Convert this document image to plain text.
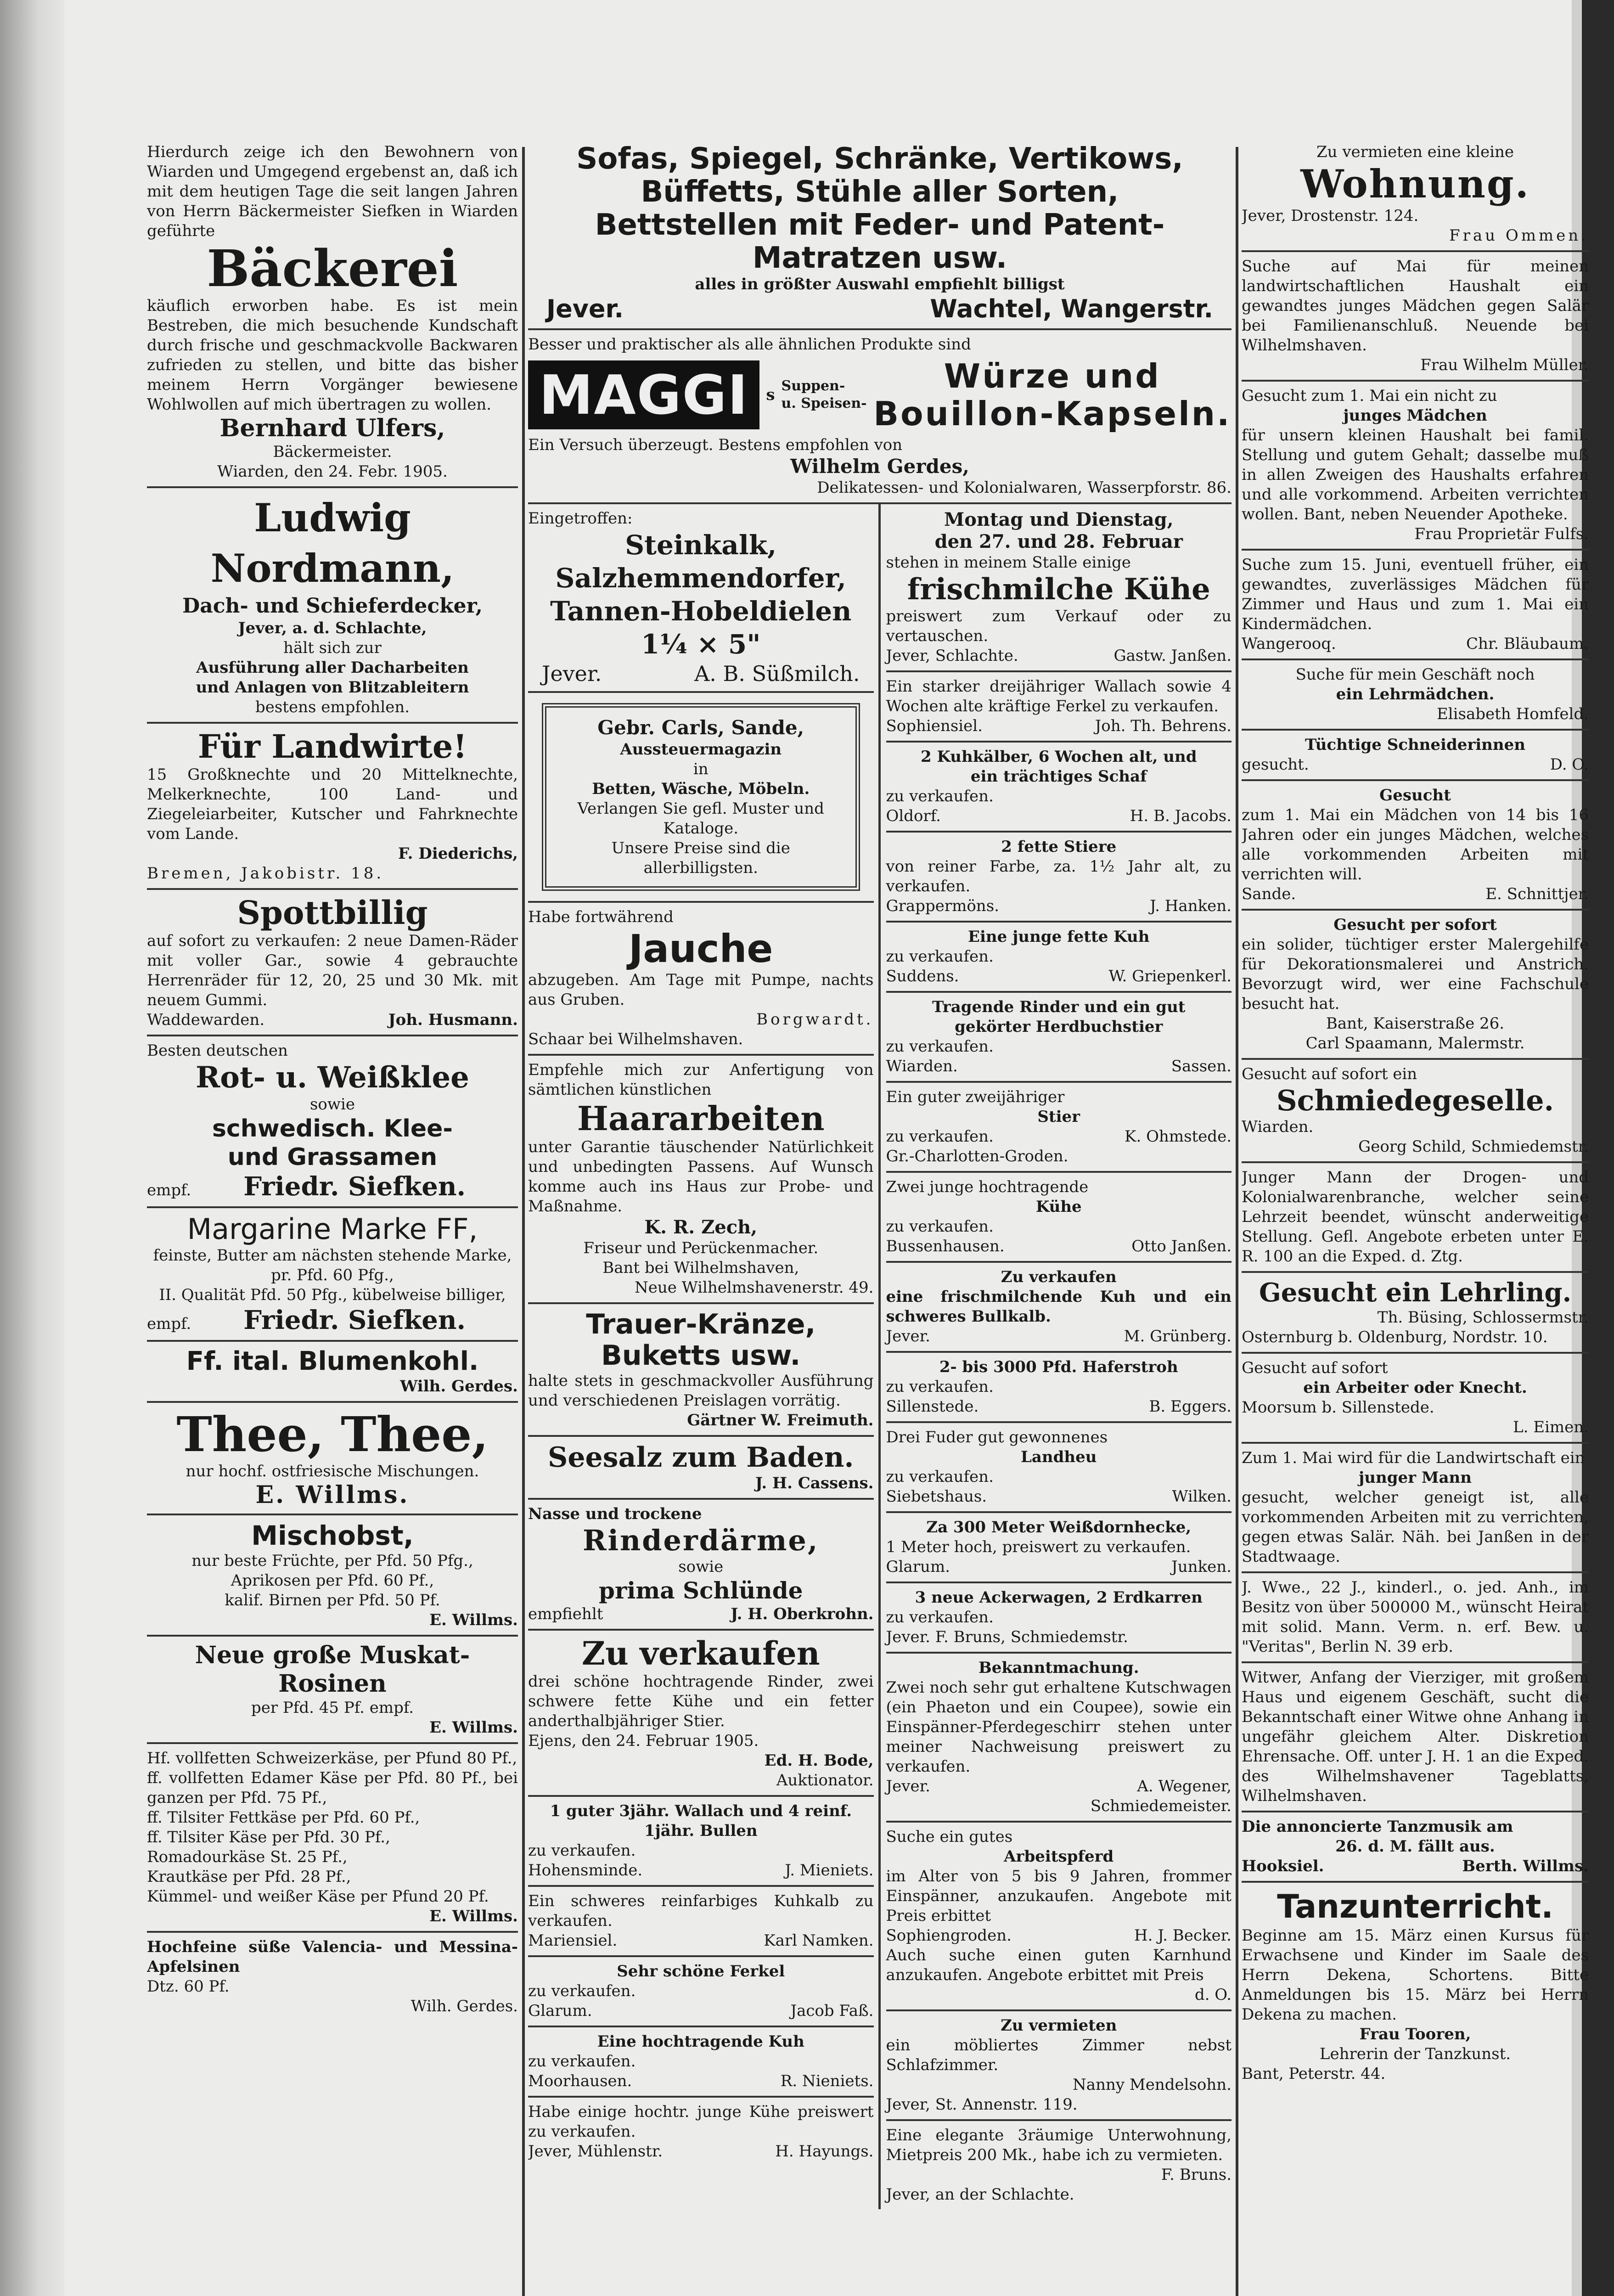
Hierdurch zeige ich den Bewohnern von Wiarden und Umgegend ergebenst an, daß ich mit dem heutigen Tage die seit langen Jahren von Herrn Bäckermeister Siefken in Wiarden geführte

Bäckerei

käuflich erworben habe. Es ist mein Bestreben, die mich besuchende Kundschaft durch frische und geschmackvolle Backwaren zufrieden zu stellen, und bitte das bisher meinem Herrn Vorgänger bewiesene Wohlwollen auf mich übertragen zu wollen.

Bernhard Ulfers,
Bäckermeister.
Wiarden, den 24. Febr. 1905.
Ludwig Nordmann,
Dach- und Schieferdecker,
Jever, a. d. Schlachte,
hält sich zur
Ausführung aller Dacharbeiten
und Anlagen von Blitzableitern
bestens empfohlen.
Für Landwirte!

15 Großknechte und 20 Mittelknechte, Melkerknechte, 100 Land- und Ziegeleiarbeiter, Kutscher und Fahrknechte vom Lande.

F. Diederichs,
Bremen, Jakobistr. 18.
Spottbillig

auf sofort zu verkaufen: 2 neue Damen-Räder mit voller Gar., sowie 4 gebrauchte Herrenräder für 12, 20, 25 und 30 Mk. mit neuem Gummi.

Waddewarden.	Joh. Husmann.
Besten deutschen
Rot- u. Weißklee
sowie
schwedisch. Klee-
und Grassamen
empf. Friedr. Siefken.
Margarine Marke FF,
feinste, Butter am nächsten stehende Marke, pr. Pfd. 60 Pfg.,
II. Qualität Pfd. 50 Pfg., kübelweise billiger,
empf. Friedr. Siefken.
Ff. ital. Blumenkohl.
Wilh. Gerdes.
Thee, Thee,
nur hochf. ostfriesische Mischungen.
E. Willms.
Mischobst,
nur beste Früchte, per Pfd. 50 Pfg.,
Aprikosen per Pfd. 60 Pf.,
kalif. Birnen per Pfd. 50 Pf.
E. Willms.
Neue große Muskat-Rosinen
per Pfd. 45 Pf. empf.
E. Willms.

Hf. vollfetten Schweizerkäse, per Pfund 80 Pf.,

ff. vollfetten Edamer Käse per Pfd. 80 Pf., bei ganzen per Pfd. 75 Pf.,

ff. Tilsiter Fettkäse per Pfd. 60 Pf.,

ff. Tilsiter Käse per Pfd. 30 Pf.,

Romadourkäse St. 25 Pf.,

Krautkäse per Pfd. 28 Pf.,

Kümmel- und weißer Käse per Pfund 20 Pf.

E. Willms.
Hochfeine süße Valencia- und Messina-Apfelsinen
Dtz. 60 Pf.
Wilh. Gerdes.
Sofas, Spiegel, Schränke, Vertikows,
Büffetts, Stühle aller Sorten,
Bettstellen mit Feder- und Patent-
Matratzen usw.
alles in größter Auswahl empfiehlt billigst
Jever.	Wachtel, Wangerstr.
Besser und praktischer als alle ähnlichen Produkte sind
MAGGI	s Suppen-
u. Speisen-
Würze und
Bouillon-Kapseln.
Ein Versuch überzeugt. Bestens empfohlen von
Wilhelm Gerdes,
Delikatessen- und Kolonialwaren, Wasserpforstr. 86.
Eingetroffen:
Steinkalk, Salzhemmendorfer,
Tannen-Hobeldielen 1¼ × 5"
Jever.	A. B. Süßmilch.
Gebr. Carls, Sande,
Aussteuermagazin
in
Betten, Wäsche, Möbeln.
Verlangen Sie gefl. Muster und Kataloge.
Unsere Preise sind die allerbilligsten.
Habe fortwährend
Jauche

abzugeben. Am Tage mit Pumpe, nachts aus Gruben.

Borgwardt.
Schaar bei Wilhelmshaven.
Empfehle mich zur Anfertigung von sämtlichen künstlichen
Haararbeiten

unter Garantie täuschender Natürlichkeit und unbedingten Passens. Auf Wunsch komme auch ins Haus zur Probe- und Maßnahme.

K. R. Zech,
Friseur und Perückenmacher.
Bant bei Wilhelmshaven,
Neue Wilhelmshavenerstr. 49.
Trauer-Kränze,
Buketts usw.

halte stets in geschmackvoller Ausführung und verschiedenen Preislagen vorrätig.

Gärtner W. Freimuth.
Seesalz zum Baden.
J. H. Cassens.
Nasse und trockene
Rinderdärme,
sowie
prima Schlünde
empfiehlt	J. H. Oberkrohn.
Zu verkaufen

drei schöne hochtragende Rinder, zwei schwere fette Kühe und ein fetter anderthalbjähriger Stier.

Ejens, den 24. Februar 1905.
Ed. H. Bode,
Auktionator.
1 guter 3jähr. Wallach und 4 reinf. 1jähr. Bullen
zu verkaufen.
Hohensminde.	J. Mieniets.

Ein schweres reinfarbiges Kuhkalb zu verkaufen.

Mariensiel.	Karl Namken.
Sehr schöne Ferkel
zu verkaufen.
Glarum.	Jacob Faß.
Eine hochtragende Kuh
zu verkaufen.
Moorhausen.	R. Nieniets.

Habe einige hochtr. junge Kühe preiswert zu verkaufen.

Jever, Mühlenstr.	H. Hayungs.
Montag und Dienstag,
den 27. und 28. Februar
stehen in meinem Stalle einige
frischmilche Kühe

preiswert zum Verkauf oder zu vertauschen.

Jever, Schlachte.	Gastw. Janßen.

Ein starker dreijähriger Wallach sowie 4 Wochen alte kräftige Ferkel zu verkaufen.

Sophiensiel.	Joh. Th. Behrens.
2 Kuhkälber, 6 Wochen alt, und
ein trächtiges Schaf
zu verkaufen.
Oldorf.	H. B. Jacobs.
2 fette Stiere

von reiner Farbe, za. 1½ Jahr alt, zu verkaufen.

Grappermöns.	J. Hanken.
Eine junge fette Kuh
zu verkaufen.
Suddens.	W. Griepenkerl.
Tragende Rinder und ein gut
gekörter Herdbuchstier
zu verkaufen.
Wiarden.	Sassen.
Ein guter zweijähriger
Stier
zu verkaufen.	K. Ohmstede.
Gr.-Charlotten-Groden.
Zwei junge hochtragende
Kühe
zu verkaufen.
Bussenhausen.	Otto Janßen.
Zu verkaufen

eine frischmilchende Kuh und ein schweres Bullkalb.

Jever.	M. Grünberg.
2- bis 3000 Pfd. Haferstroh
zu verkaufen.
Sillenstede.	B. Eggers.
Drei Fuder gut gewonnenes
Landheu
zu verkaufen.
Siebetshaus.	Wilken.
Za 300 Meter Weißdornhecke,

1 Meter hoch, preiswert zu verkaufen.

Glarum.	Junken.
3 neue Ackerwagen, 2 Erdkarren
zu verkaufen.
Jever. F. Bruns, Schmiedemstr.
Bekanntmachung.

Zwei noch sehr gut erhaltene Kutschwagen (ein Phaeton und ein Coupee), sowie ein Einspänner-Pferdegeschirr stehen unter meiner Nachweisung preiswert zu verkaufen.

Jever.	A. Wegener,
Schmiedemeister.
Suche ein gutes
Arbeitspferd

im Alter von 5 bis 9 Jahren, frommer Einspänner, anzukaufen. Angebote mit Preis erbittet

Sophiengroden.	H. J. Becker.

Auch suche einen guten Karnhund anzukaufen. Angebote erbittet mit Preis

d. O.
Zu vermieten

ein möbliertes Zimmer nebst Schlafzimmer.

Nanny Mendelsohn.
Jever, St. Annenstr. 119.

Eine elegante 3räumige Unterwohnung, Mietpreis 200 Mk., habe ich zu vermieten.

F. Bruns.
Jever, an der Schlachte.
Zu vermieten eine kleine
Wohnung.
Jever, Drostenstr. 124.
Frau Ommen.

Suche auf Mai für meinen landwirtschaftlichen Haushalt ein gewandtes junges Mädchen gegen Salär bei Familienanschluß. Neuende bei Wilhelmshaven.

Frau Wilhelm Müller.
Gesucht zum 1. Mai ein nicht zu
junges Mädchen

für unsern kleinen Haushalt bei famil. Stellung und gutem Gehalt; dasselbe muß in allen Zweigen des Haushalts erfahren und alle vorkommend. Arbeiten verrichten wollen. Bant, neben Neuender Apotheke.

Frau Proprietär Fulfs.

Suche zum 15. Juni, eventuell früher, ein gewandtes, zuverlässiges Mädchen für Zimmer und Haus und zum 1. Mai ein Kindermädchen.

Wangerooq.	Chr. Bläubaum.
Suche für mein Geschäft noch
ein Lehrmädchen.
Elisabeth Homfeld.
Tüchtige Schneiderinnen
gesucht.	D. O.
Gesucht

zum 1. Mai ein Mädchen von 14 bis 16 Jahren oder ein junges Mädchen, welches alle vorkommenden Arbeiten mit verrichten will.

Sande.	E. Schnittjer.
Gesucht per sofort

ein solider, tüchtiger erster Malergehilfe für Dekorationsmalerei und Anstrich. Bevorzugt wird, wer eine Fachschule besucht hat.

Bant, Kaiserstraße 26.
Carl Spaamann, Malermstr.
Gesucht auf sofort ein
Schmiedegeselle.
Wiarden.
Georg Schild, Schmiedemstr.

Junger Mann der Drogen- und Kolonialwarenbranche, welcher seine Lehrzeit beendet, wünscht anderweitige Stellung. Gefl. Angebote erbeten unter E. R. 100 an die Exped. d. Ztg.

Gesucht ein Lehrling.
Th. Büsing, Schlossermstr.
Osternburg b. Oldenburg, Nordstr. 10.
Gesucht auf sofort
ein Arbeiter oder Knecht.
Moorsum b. Sillenstede.
L. Eimen.

Zum 1. Mai wird für die Landwirtschaft ein

junger Mann

gesucht, welcher geneigt ist, alle vorkommenden Arbeiten mit zu verrichten, gegen etwas Salär. Näh. bei Janßen in der Stadtwaage.

J. Wwe., 22 J., kinderl., o. jed. Anh., im Besitz von über 500000 M., wünscht Heirat mit solid. Mann. Verm. n. erf. Bew. u. "Veritas", Berlin N. 39 erb.

Witwer, Anfang der Vierziger, mit großem Haus und eigenem Geschäft, sucht die Bekanntschaft einer Witwe ohne Anhang in ungefähr gleichem Alter. Diskretion Ehrensache. Off. unter J. H. 1 an die Exped. des Wilhelmshavener Tageblatts, Wilhelmshaven.

Die annoncierte Tanzmusik am
26. d. M. fällt aus.
Hooksiel.	Berth. Willms.
Tanzunterricht.

Beginne am 15. März einen Kursus für Erwachsene und Kinder im Saale des Herrn Dekena, Schortens. Bitte Anmeldungen bis 15. März bei Herrn Dekena zu machen.

Frau Tooren,
Lehrerin der Tanzkunst.
Bant, Peterstr. 44.
